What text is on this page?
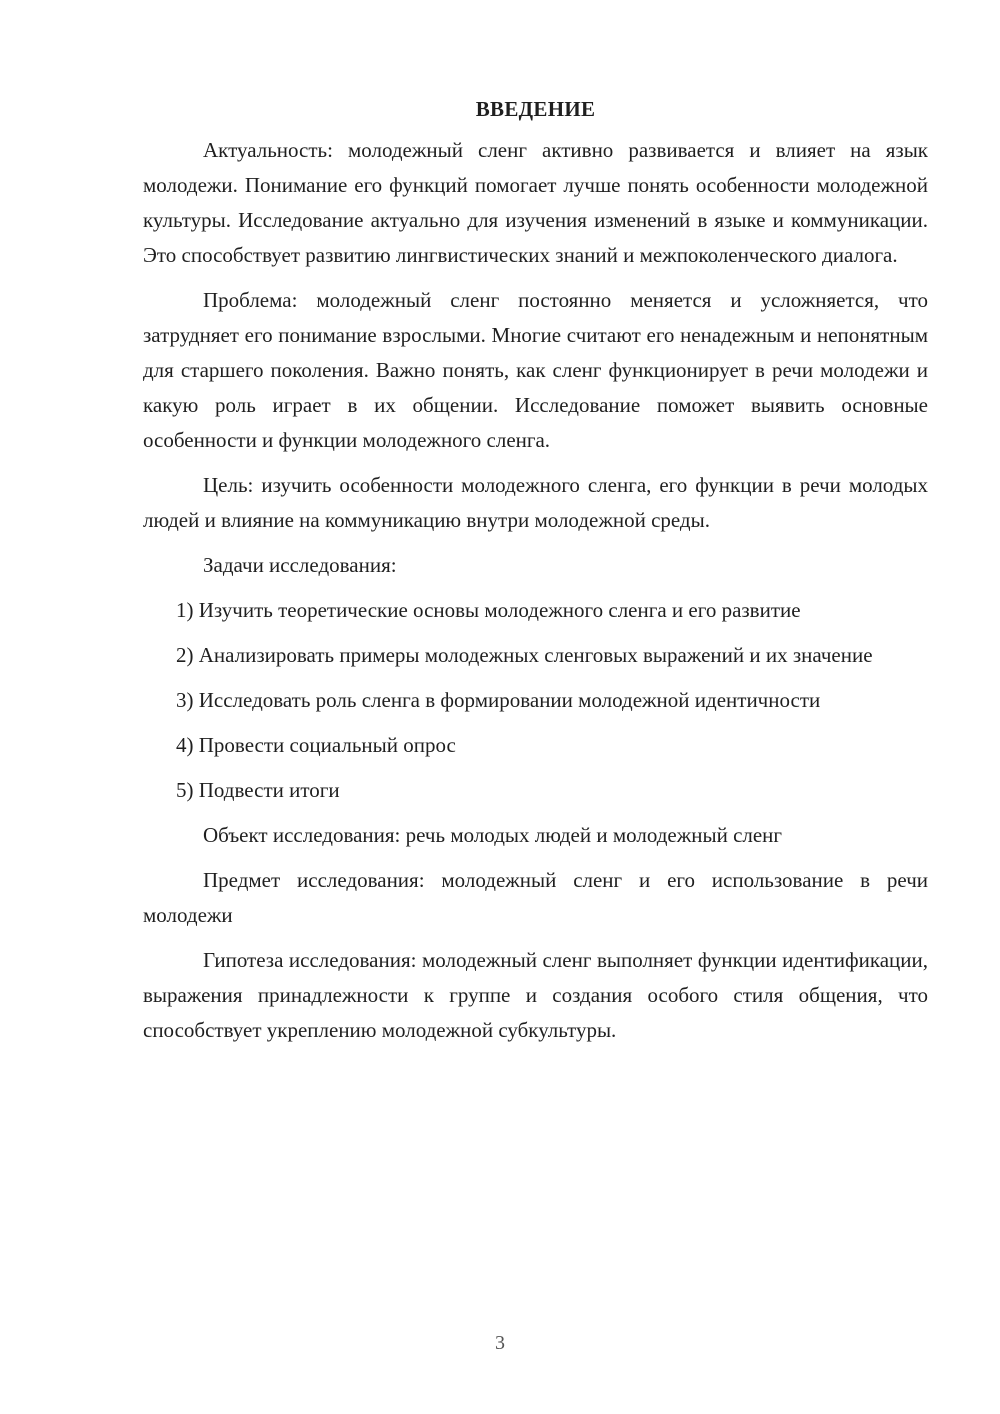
ВВЕДЕНИЕ

Актуальность: молодежный сленг активно развивается и влияет на язык молодежи. Понимание его функций помогает лучше понять особенности молодежной культуры. Исследование актуально для изучения изменений в языке и коммуникации. Это способствует развитию лингвистических знаний и межпоколенческого диалога.

Проблема: молодежный сленг постоянно меняется и усложняется, что затрудняет его понимание взрослыми. Многие считают его ненадежным и непонятным для старшего поколения. Важно понять, как сленг функционирует в речи молодежи и какую роль играет в их общении. Исследование поможет выявить основные особенности и функции молодежного сленга.

Цель: изучить особенности молодежного сленга, его функции в речи молодых людей и влияние на коммуникацию внутри молодежной среды.

Задачи исследования:

1) Изучить теоретические основы молодежного сленга и его развитие

2) Анализировать примеры молодежных сленговых выражений и их значение

3) Исследовать роль сленга в формировании молодежной идентичности

4) Провести социальный опрос

5) Подвести итоги

Объект исследования: речь молодых людей и молодежный сленг

Предмет исследования: молодежный сленг и его использование в речи молодежи

Гипотеза исследования: молодежный сленг выполняет функции идентификации, выражения принадлежности к группе и создания особого стиля общения, что способствует укреплению молодежной субкультуры.

3
